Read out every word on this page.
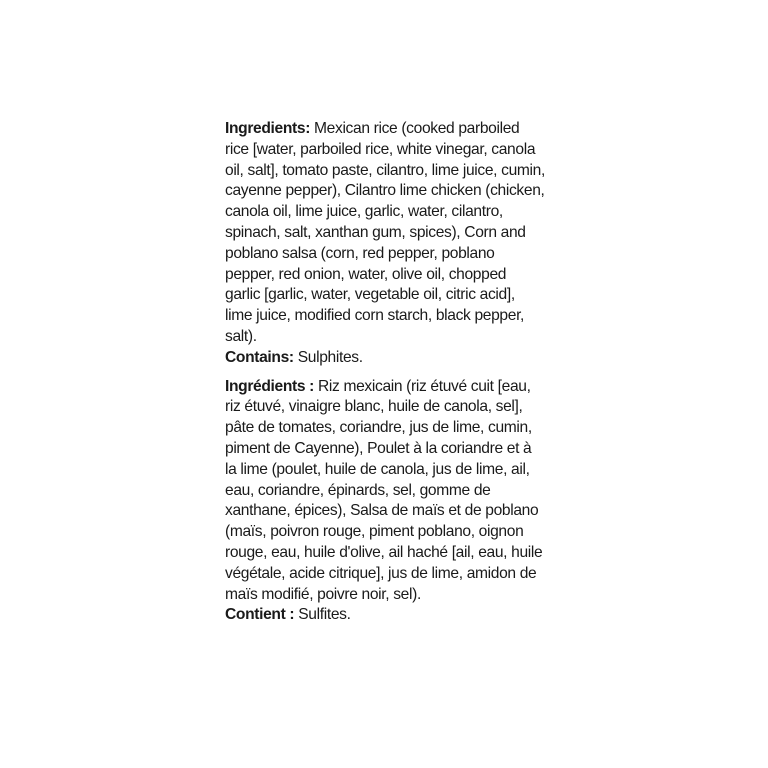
Ingredients: Mexican rice (cooked parboiled rice [water, parboiled rice, white vinegar, canola oil, salt], tomato paste, cilantro, lime juice, cumin, cayenne pepper), Cilantro lime chicken (chicken, canola oil, lime juice, garlic, water, cilantro, spinach, salt, xanthan gum, spices), Corn and poblano salsa (corn, red pepper, poblano pepper, red onion, water, olive oil, chopped garlic [garlic, water, vegetable oil, citric acid], lime juice, modified corn starch, black pepper, salt).

Contains: Sulphites.

Ingrédients : Riz mexicain (riz étuvé cuit [eau, riz étuvé, vinaigre blanc, huile de canola, sel], pâte de tomates, coriandre, jus de lime, cumin, piment de Cayenne), Poulet à la coriandre et à la lime (poulet, huile de canola, jus de lime, ail, eau, coriandre, épinards, sel, gomme de xanthane, épices), Salsa de maïs et de poblano (maïs, poivron rouge, piment poblano, oignon rouge, eau, huile d'olive, ail haché [ail, eau, huile végétale, acide citrique], jus de lime, amidon de maïs modifié, poivre noir, sel).

Contient : Sulfites.
